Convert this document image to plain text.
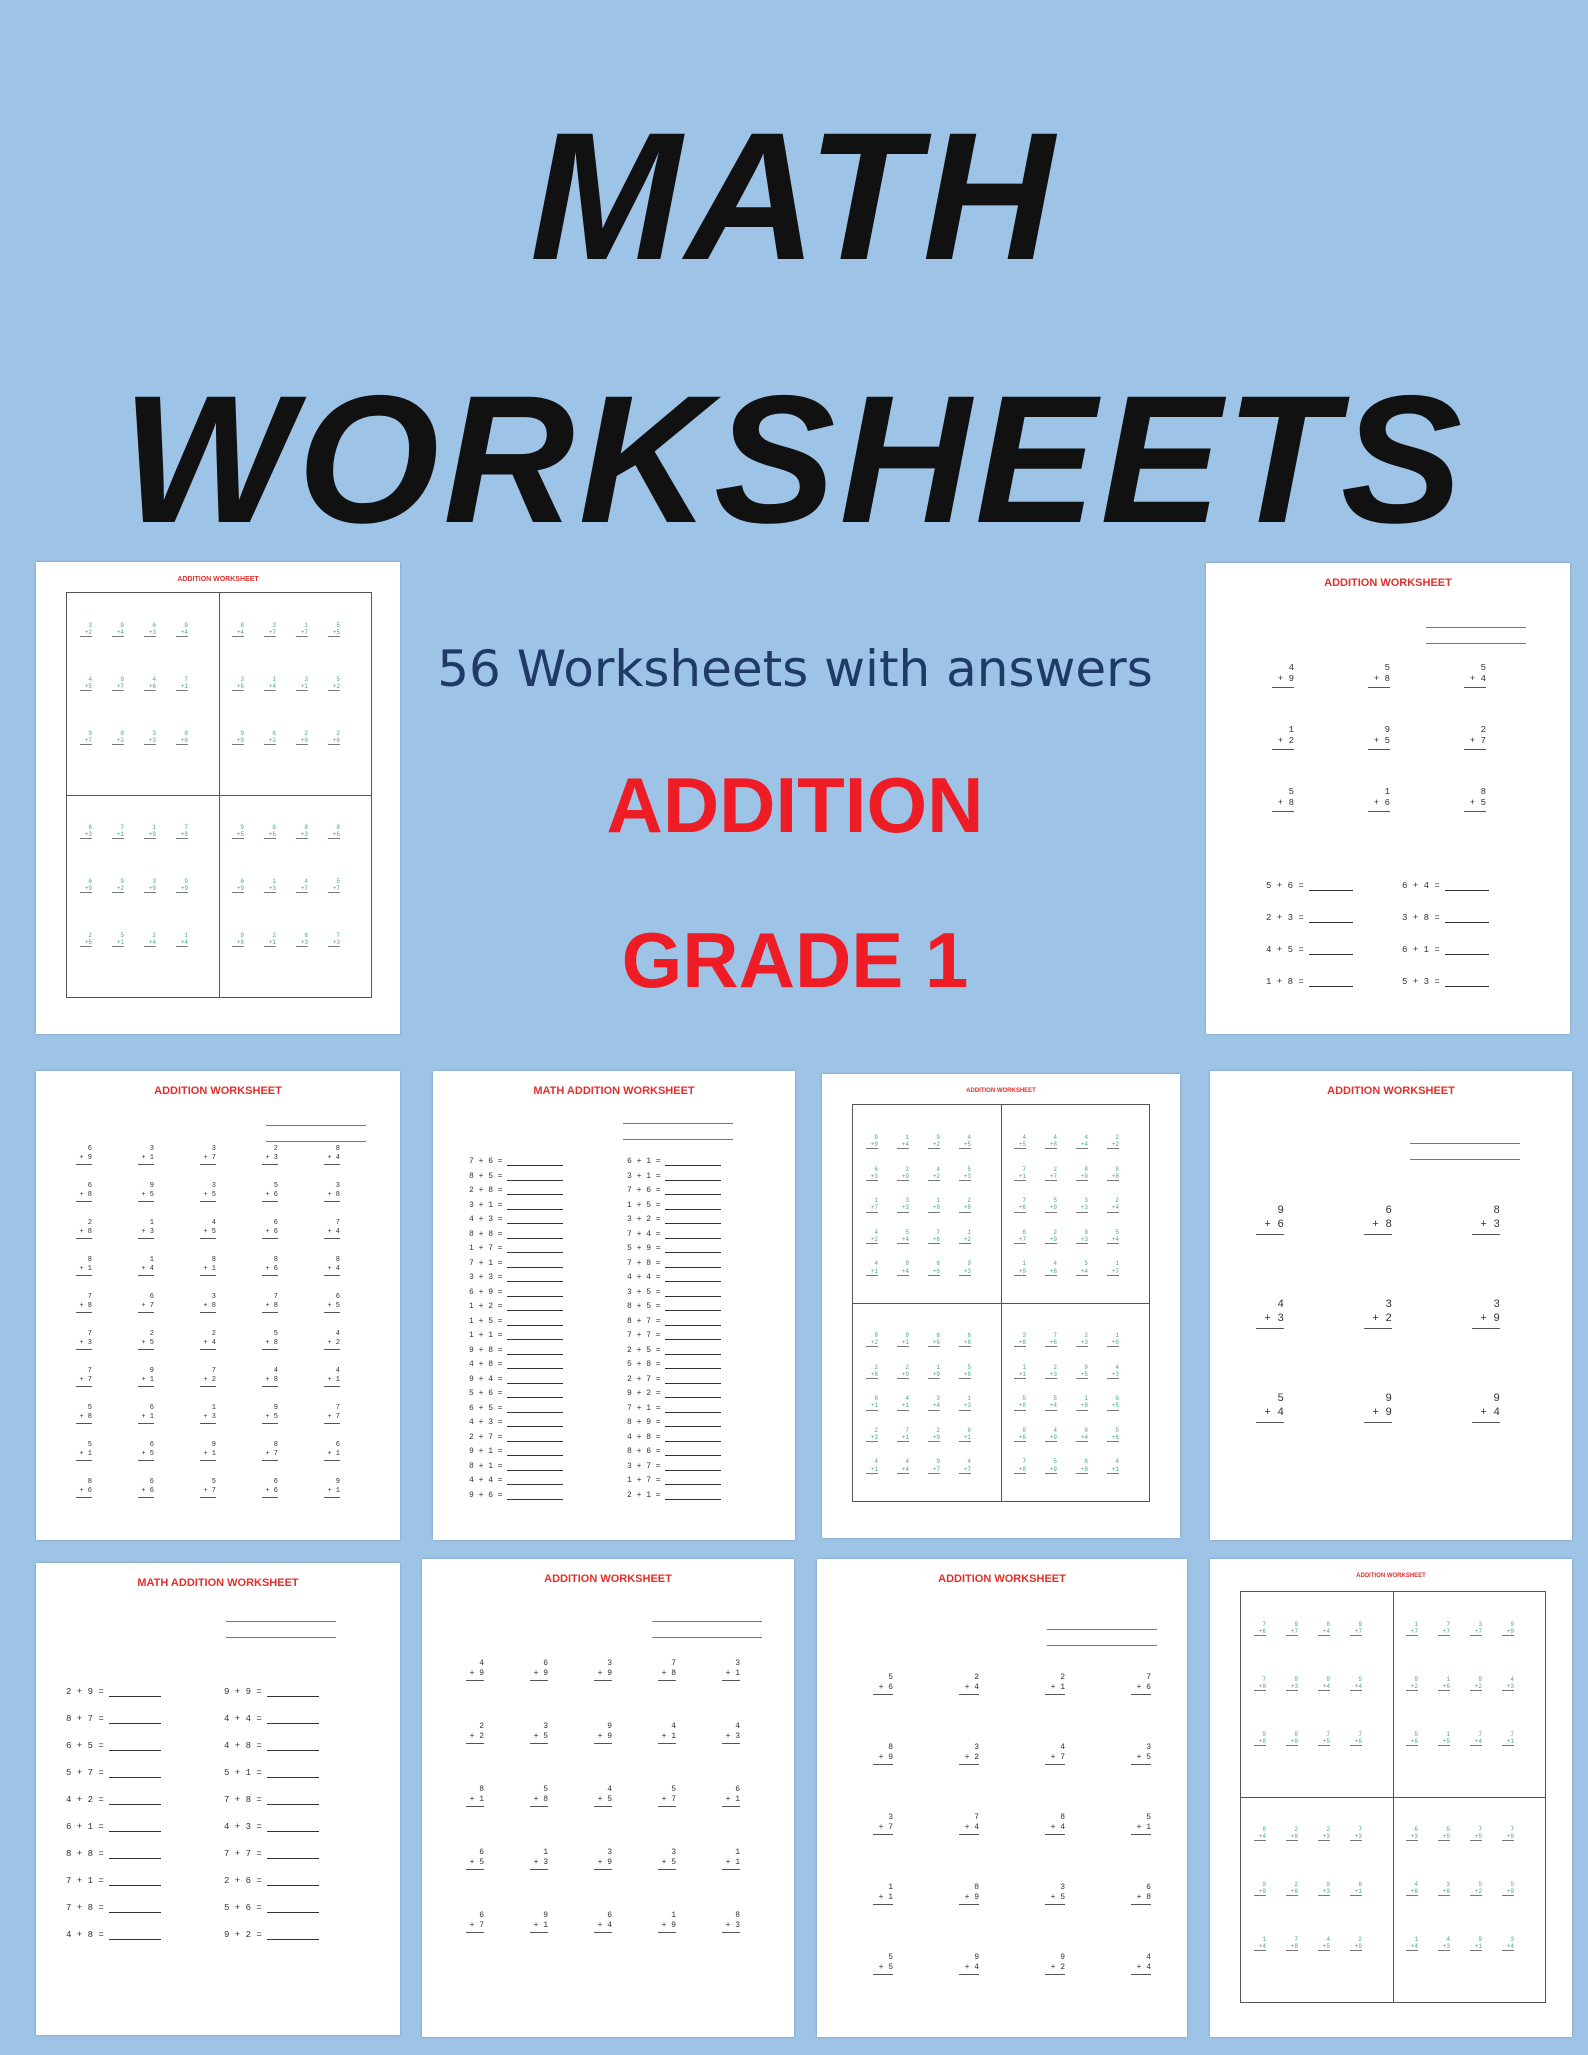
MATH
WORKSHEETS

56 Worksheets with answers

ADDITION

GRADE 1

ADDITION WORKSHEET
3
+2
9
+4
6
+3
9
+4
4
+5
9
+7
4
+6
7
+1
9
+7
8
+2
3
+3
8
+6
8
+4
3
+7
1
+7
5
+5
3
+6
1
+4
3
+1
5
+2
9
+9
6
+2
2
+8
2
+6
6
+3
7
+1
1
+9
7
+8
6
+9
9
+2
3
+9
9
+9
2
+5
5
+1
2
+4
1
+4
9
+5
6
+6
8
+3
8
+6
6
+9
1
+3
4
+7
5
+7
9
+8
2
+1
6
+3
7
+3
ADDITION WORKSHEET
4
+ 9
5
+ 8
5
+ 4
1
+ 2
9
+ 5
2
+ 7
5
+ 8
1
+ 6
8
+ 5
5 + 6 =
2 + 3 =
4 + 5 =
1 + 8 =
6 + 4 =
3 + 8 =
6 + 1 =
5 + 3 =
ADDITION WORKSHEET
6
+ 9
3
+ 1
3
+ 7
2
+ 3
8
+ 4
6
+ 8
9
+ 5
3
+ 5
5
+ 6
3
+ 8
2
+ 8
1
+ 3
4
+ 5
6
+ 6
7
+ 4
8
+ 1
1
+ 4
8
+ 1
8
+ 6
8
+ 4
7
+ 8
6
+ 7
3
+ 8
7
+ 8
6
+ 5
7
+ 3
2
+ 5
2
+ 4
5
+ 8
4
+ 2
7
+ 7
9
+ 1
7
+ 2
4
+ 8
4
+ 1
5
+ 8
6
+ 1
1
+ 3
9
+ 5
7
+ 7
5
+ 1
6
+ 5
9
+ 1
8
+ 7
6
+ 1
8
+ 6
6
+ 6
5
+ 7
6
+ 6
9
+ 1
MATH ADDITION WORKSHEET
7 + 6 =
8 + 5 =
2 + 8 =
3 + 1 =
4 + 3 =
8 + 8 =
1 + 7 =
7 + 1 =
3 + 3 =
6 + 9 =
1 + 2 =
1 + 5 =
1 + 1 =
9 + 8 =
4 + 8 =
9 + 4 =
5 + 6 =
6 + 5 =
4 + 3 =
2 + 7 =
9 + 1 =
8 + 1 =
4 + 4 =
9 + 6 =
6 + 1 =
3 + 1 =
7 + 6 =
1 + 5 =
3 + 2 =
7 + 4 =
5 + 9 =
7 + 8 =
4 + 4 =
3 + 5 =
8 + 5 =
8 + 7 =
7 + 7 =
2 + 5 =
5 + 8 =
2 + 7 =
9 + 2 =
7 + 1 =
8 + 9 =
4 + 8 =
8 + 6 =
3 + 7 =
1 + 7 =
2 + 1 =
ADDITION WORKSHEET
9
+9
1
+4
9
+2
4
+5
6
+3
2
+9
4
+2
5
+3
1
+7
3
+3
1
+8
2
+8
4
+2
5
+4
7
+6
1
+2
4
+1
9
+4
6
+6
9
+3
4
+5
4
+8
4
+4
2
+2
7
+1
2
+7
8
+9
8
+8
7
+6
5
+9
3
+3
2
+4
6
+7
2
+9
9
+3
5
+4
1
+9
4
+8
5
+4
1
+7
8
+2
9
+1
6
+6
6
+8
2
+8
2
+9
1
+9
5
+8
8
+1
4
+1
3
+4
1
+3
2
+3
7
+1
2
+9
6
+1
4
+1
4
+4
9
+7
4
+7
3
+8
7
+6
2
+3
1
+8
1
+1
2
+3
9
+5
4
+3
5
+8
5
+4
1
+8
6
+5
8
+6
4
+9
8
+4
5
+6
7
+8
5
+9
6
+8
4
+1
ADDITION WORKSHEET
9
+ 6
6
+ 8
8
+ 3
4
+ 3
3
+ 2
3
+ 9
5
+ 4
9
+ 9
9
+ 4
MATH ADDITION WORKSHEET
2 + 9 =
8 + 7 =
6 + 5 =
5 + 7 =
4 + 2 =
6 + 1 =
8 + 8 =
7 + 1 =
7 + 8 =
4 + 8 =
9 + 9 =
4 + 4 =
4 + 8 =
5 + 1 =
7 + 8 =
4 + 3 =
7 + 7 =
2 + 6 =
5 + 6 =
9 + 2 =
ADDITION WORKSHEET
4
+ 9
6
+ 9
3
+ 9
7
+ 8
3
+ 1
2
+ 2
3
+ 5
9
+ 9
4
+ 1
4
+ 3
8
+ 1
5
+ 8
4
+ 5
5
+ 7
6
+ 1
6
+ 5
1
+ 3
3
+ 9
3
+ 5
1
+ 1
6
+ 7
9
+ 1
6
+ 4
1
+ 9
8
+ 3
ADDITION WORKSHEET
5
+ 6
2
+ 4
2
+ 1
7
+ 6
8
+ 9
3
+ 2
4
+ 7
3
+ 5
3
+ 7
7
+ 4
8
+ 4
5
+ 1
1
+ 1
8
+ 9
3
+ 5
6
+ 8
5
+ 5
9
+ 4
9
+ 2
4
+ 4
ADDITION WORKSHEET
7
+6
9
+7
8
+4
9
+7
7
+8
8
+3
8
+4
5
+4
9
+8
8
+9
7
+5
7
+6
1
+7
7
+7
3
+7
9
+9
8
+2
1
+6
8
+2
4
+3
5
+6
1
+5
7
+4
7
+1
8
+4
2
+8
2
+3
7
+3
9
+9
2
+6
9
+3
6
+1
1
+4
7
+8
4
+5
2
+9
6
+3
5
+5
7
+5
7
+9
4
+6
3
+6
5
+2
5
+9
1
+4
4
+3
9
+1
3
+4
